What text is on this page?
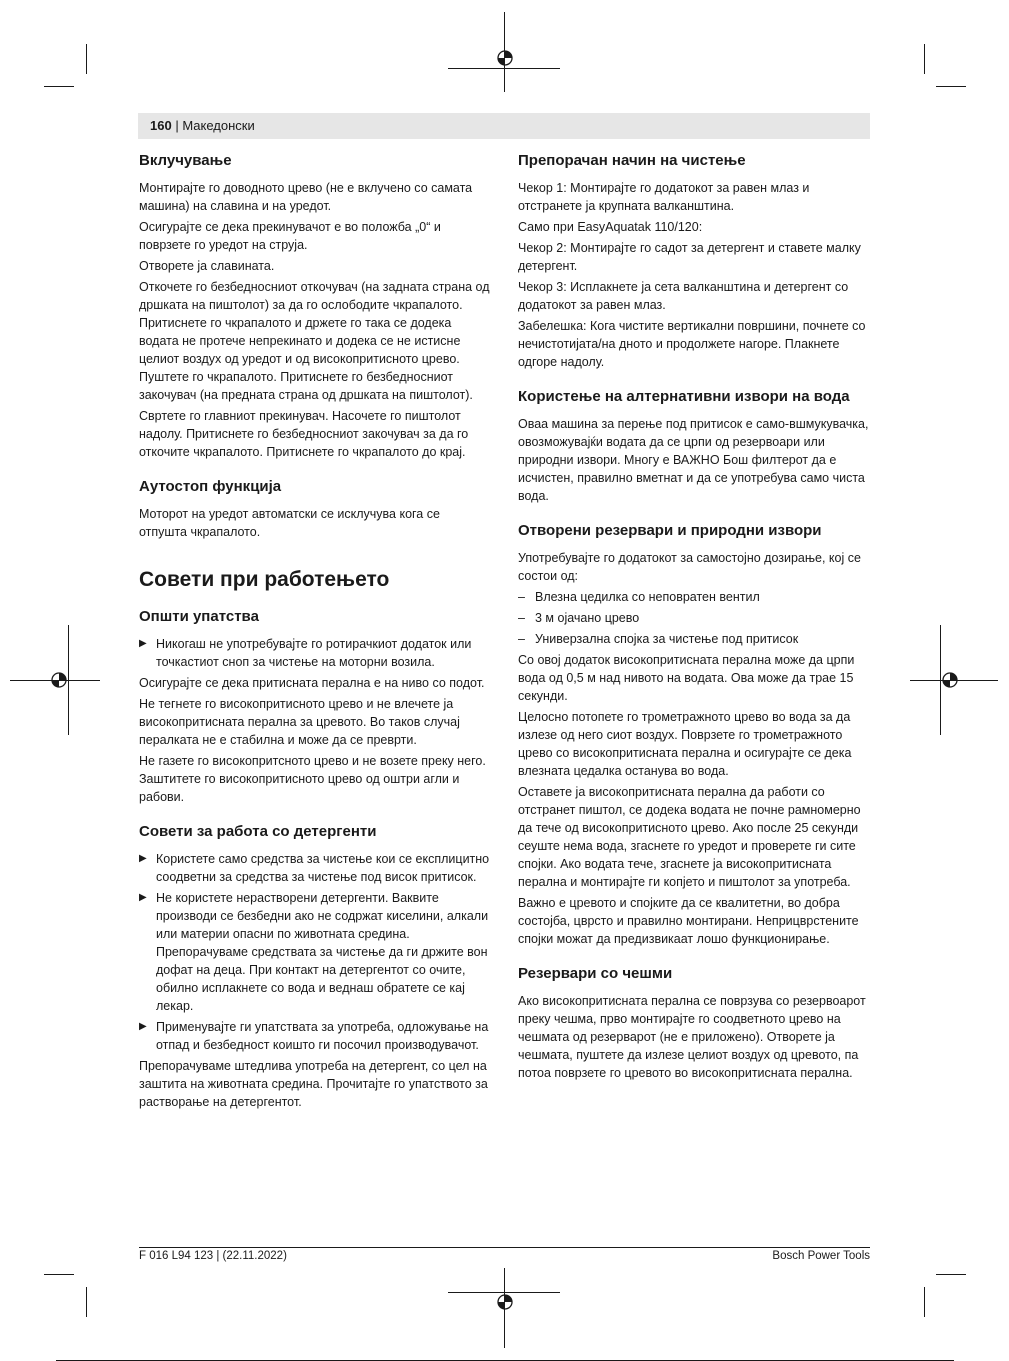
160 | Македонски
Вклучување

Монтирајте го доводното црево (не е вклучено со самата машина) на славина и на уредот.

Осигурајте се дека прекинувачот е во положба „0“ и поврзете го уредот на струја.

Отворете ја славината.

Откочете го безбедносниот откочувач (на задната страна од дршката на пиштолот) за да го ослободите чкрапалото. Притиснете го чкрапалото и држете го така се додека водата не протече непрекинато и додека се не истисне целиот воздух од уредот и од високопритисното црево. Пуштете го чкрапалото. Притиснете го безбедносниот закочувач (на предната страна од дршката на пиштолот).

Свртете го главниот прекинувач. Насочете го пиштолот надолу. Притиснете го безбедносниот закочувач за да го откочите чкрапалото. Притиснете го чкрапалото до крај.

Аутостоп функција

Моторот на уредот автоматски се исклучува кога се отпушта чкрапалото.

Совети при работењето
Општи упатства
▶ Никогаш не употребувајте го ротирачкиот додаток или точкастиот сноп за чистење на моторни возила.

Осигурајте се дека притисната перална е на ниво со подот.

Не тегнете го високопритисното црево и не влечете ја високопритисната перална за цревото. Во таков случај пералката не е стабилна и може да се преврти.

Не газете го високопритсното црево и не возете преку него. Заштитете го високопритисното црево од оштри агли и рабови.

Совети за работа со детергенти
▶ Користете само средства за чистење кои се експлицитно соодветни за средства за чистење под висок притисок.
▶ Не користете нерастворени детергенти. Ваквите производи се безбедни ако не содржат киселини, алкали или материи опасни по животната средина. Препорачуваме средствата за чистење да ги држите вон дофат на деца. При контакт на детергентот со очите, обилно исплакнете со вода и веднаш обратете се кај лекар.
▶ Применувајте ги упатствата за употреба, одложување на отпад и безбедност коишто ги посочил производувачот.

Препорачуваме штедлива употреба на детергент, со цел на заштита на животната средина. Прочитајте го упатството за растворање на детергентот.

Препорачан начин на чистење

Чекор 1: Монтирајте го додатокот за равен млаз и отстранете ја крупната валканштина.

Само при EasyAquatak 110/120:

Чекор 2: Монтирајте го садот за детергент и ставете малку детергент.

Чекор 3: Исплакнете ја сета валканштина и детергент со додатокот за равен млаз.

Забелешка: Кога чистите вертикални површини, почнете со нечистотијата/на дното и продолжете нагоре. Плакнете одгоре надолу.

Користење на алтернативни извори на вода

Оваа машина за перење под притисок е само-вшмукувачка, овозможувајќи водата да се црпи од резервоари или природни извори. Многу е ВАЖНО Бош филтерот да е исчистен, правилно вметнат и да се употребува само чиста вода.

Отворени резервари и природни извори

Употребувајте го додатокот за самостојно дозирање, кој се состои од:

– Влезна цедилка со неповратен вентил
– 3 м ојачано црево
– Универзална спојка за чистење под притисок

Со овој додаток високопритисната перална може да црпи вода од 0,5 м над нивото на водата. Ова може да трае 15 секунди.

Целосно потопете го трометражното црево во вода за да излезе од него сиот воздух. Поврзете го трометражното црево со високопритисната перална и осигурајте се дека влезната цедалка останува во вода.

Оставете ја високопритисната перална да работи со отстранет пиштол, се додека водата не почне рамномерно да тече од високопритисното црево. Ако после 25 секунди сеуште нема вода, згаснете го уредот и проверете ги сите спојки. Ако водата тече, згаснете ја високопритисната перална и монтирајте ги копјето и пиштолот за употреба.

Важно е цревото и спојките да се квалитетни, во добра состојба, цврсто и правилно монтирани. Неприцврстените спојки можат да предизвикаат лошо функционирање.

Резервари со чешми

Ако високопритисната перална се поврзува со резервоарот преку чешма, прво монтирајте го соодветното црево на чешмата од резерварот (не е приложено). Отворете ја чешмата, пуштете да излезе целиот воздух од цревото, па потоа поврзете го цревото во високопритисната перална.

F 016 L94 123 | (22.11.2022)	Bosch Power Tools
